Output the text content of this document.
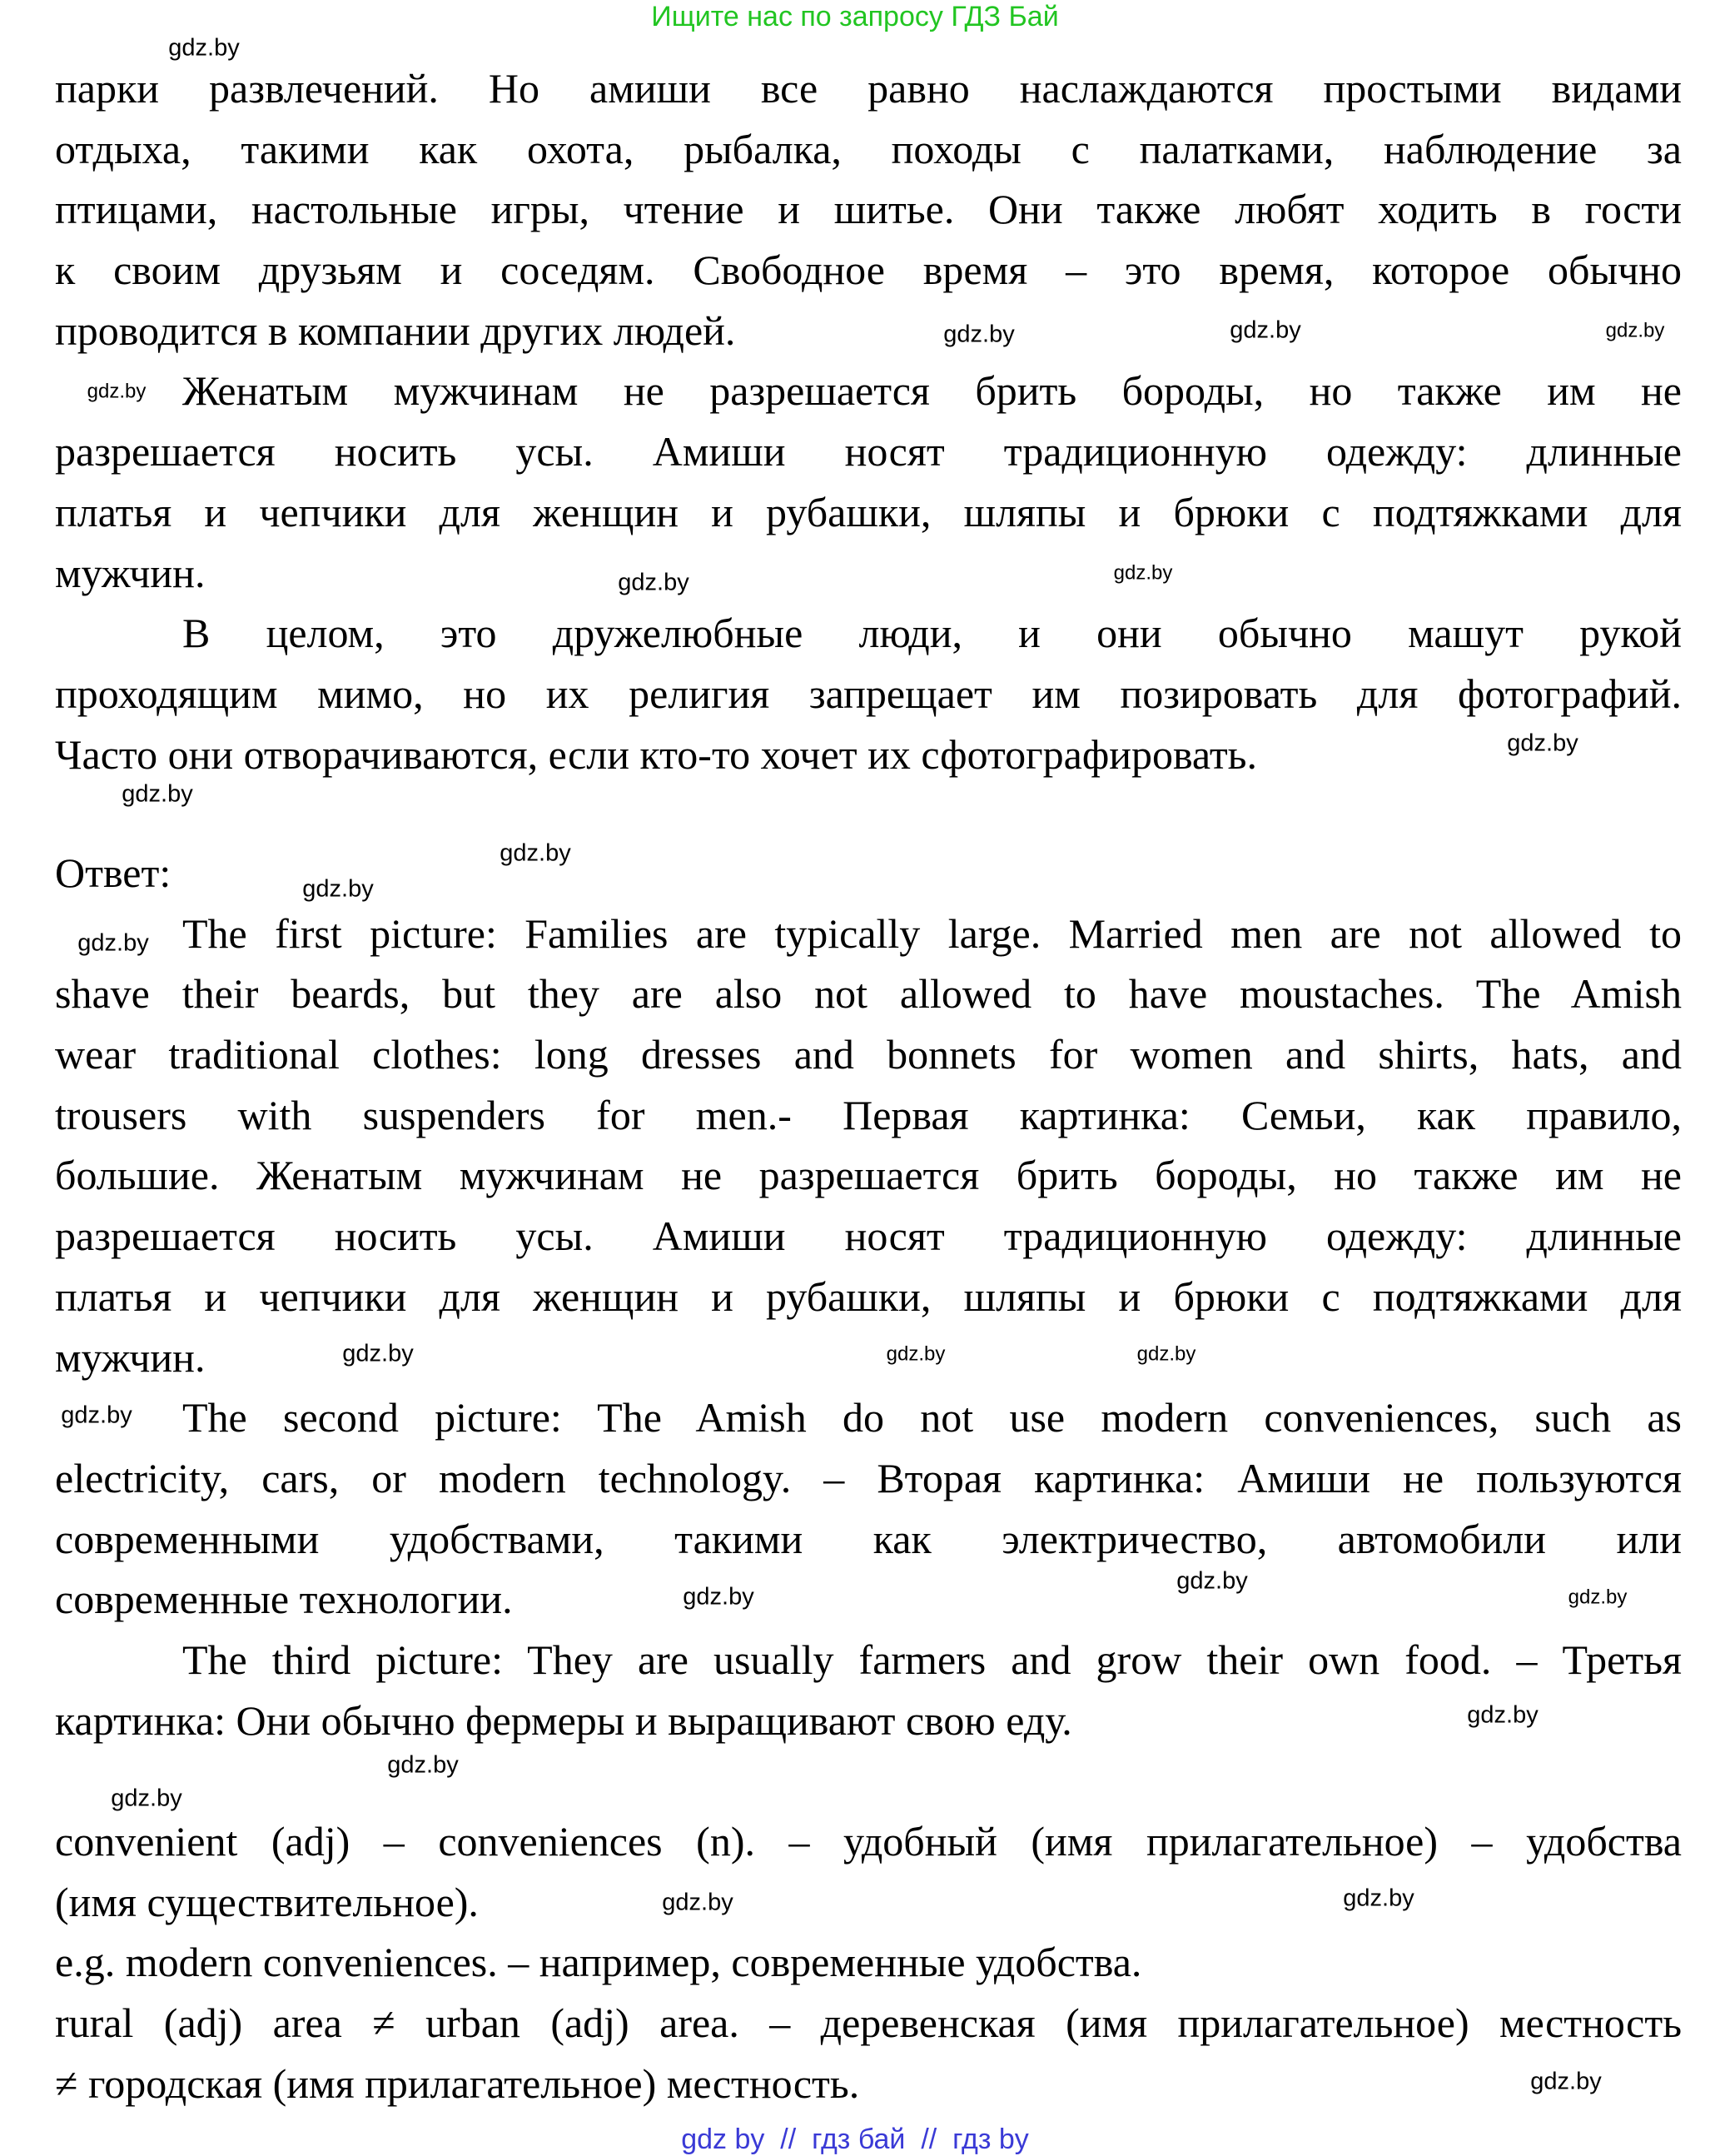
Ищите нас по запросу ГДЗ Бай
парки развлечений. Но амиши все равно наслаждаются простыми видами
отдыха, такими как охота, рыбалка, походы с палатками, наблюдение за
птицами, настольные игры, чтение и шитье. Они также любят ходить в гости
к своим друзьям и соседям. Свободное время – это время, которое обычно
проводится в компании других людей.
Женатым мужчинам не разрешается брить бороды, но также им не
разрешается носить усы. Амиши носят традиционную одежду: длинные
платья и чепчики для женщин и рубашки, шляпы и брюки с подтяжками для
мужчин.
В целом, это дружелюбные люди, и они обычно машут рукой
проходящим мимо, но их религия запрещает им позировать для фотографий.
Часто они отворачиваются, если кто-то хочет их сфотографировать.
Ответ:
The first picture: Families are typically large. Married men are not allowed to
shave their beards, but they are also not allowed to have moustaches. The Amish
wear traditional clothes: long dresses and bonnets for women and shirts, hats, and
trousers with suspenders for men.- Первая картинка: Семьи, как правило,
большие. Женатым мужчинам не разрешается брить бороды, но также им не
разрешается носить усы. Амиши носят традиционную одежду: длинные
платья и чепчики для женщин и рубашки, шляпы и брюки с подтяжками для
мужчин.
The second picture: The Amish do not use modern conveniences, such as
electricity, cars, or modern technology. – Вторая картинка: Амиши не пользуются
современными удобствами, такими как электричество, автомобили или
современные технологии.
The third picture: They are usually farmers and grow their own food. – Третья
картинка: Они обычно фермеры и выращивают свою еду.
convenient (adj) – conveniences (n). – удобный (имя прилагательное) – удобства
(имя существительное).
e.g. modern conveniences. – например, современные удобства.
rural (adj) area ≠ urban (adj) area. – деревенская (имя прилагательное) местность
≠ городская (имя прилагательное) местность.
gdz.by
gdz.by	gdz.by
gdz.by
gdz.by
gdz.by
gdz.by
gdz.by
gdz.by
gdz.by
gdz.by
gdz.by
gdz.by	gdz.by
gdz.by
gdz.by
gdz.by
gdz.by
gdz.by
gdz.by
gdz.by
gdz.by
gdz.by
gdz.by
gdz.by
gdz by  //  гдз бай  //  гдз by
